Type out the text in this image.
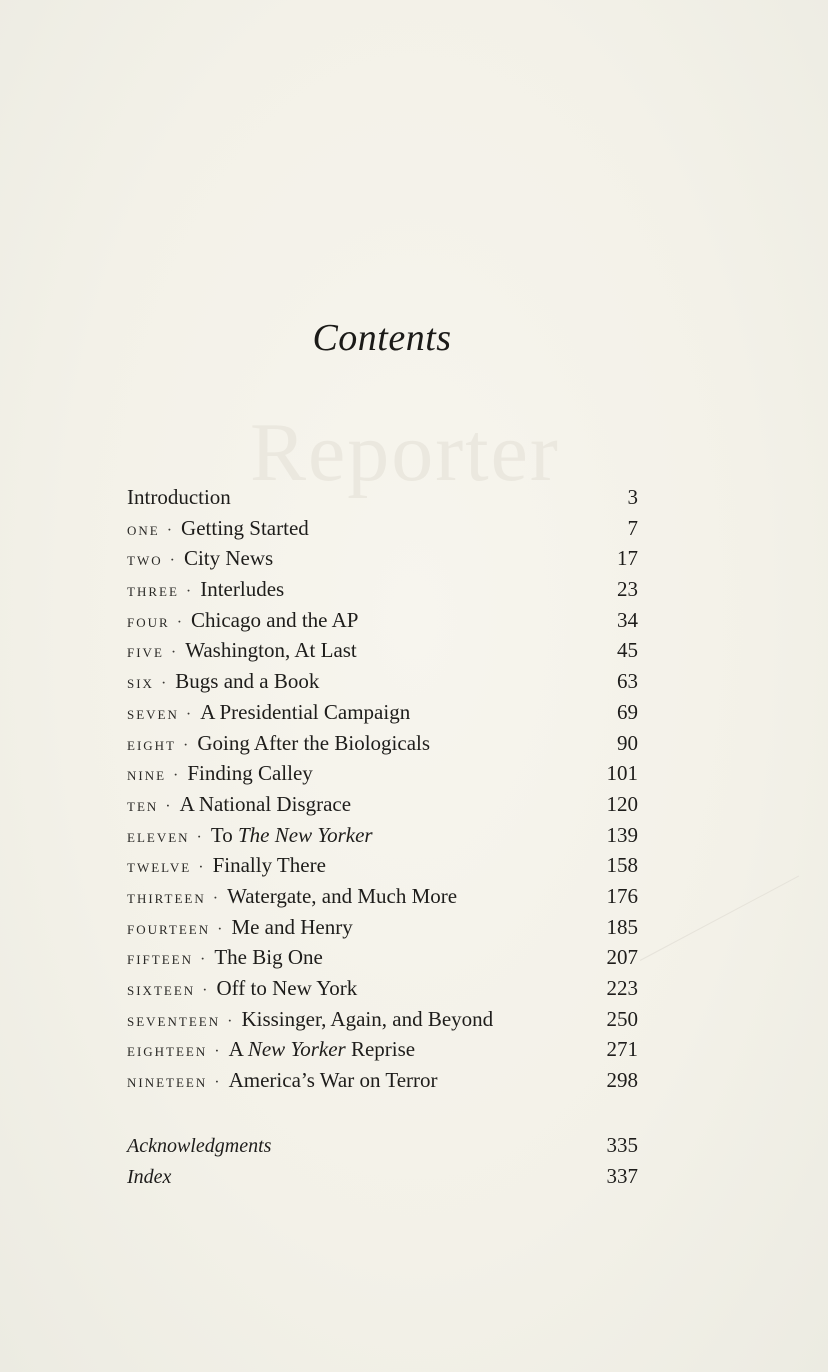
Reporter
Contents
Introduction	3
one · Getting Started	7
two · City News	17
three · Interludes	23
four · Chicago and the AP	34
five · Washington, At Last	45
six · Bugs and a Book	63
seven · A Presidential Campaign	69
eight · Going After the Biologicals	90
nine · Finding Calley	101
ten · A National Disgrace	120
eleven · To The New Yorker	139
twelve · Finally There	158
thirteen · Watergate, and Much More	176
fourteen · Me and Henry	185
fifteen · The Big One	207
sixteen · Off to New York	223
seventeen · Kissinger, Again, and Beyond	250
eighteen · A New Yorker Reprise	271
nineteen · America’s War on Terror	298
Acknowledgments	335
Index	337
